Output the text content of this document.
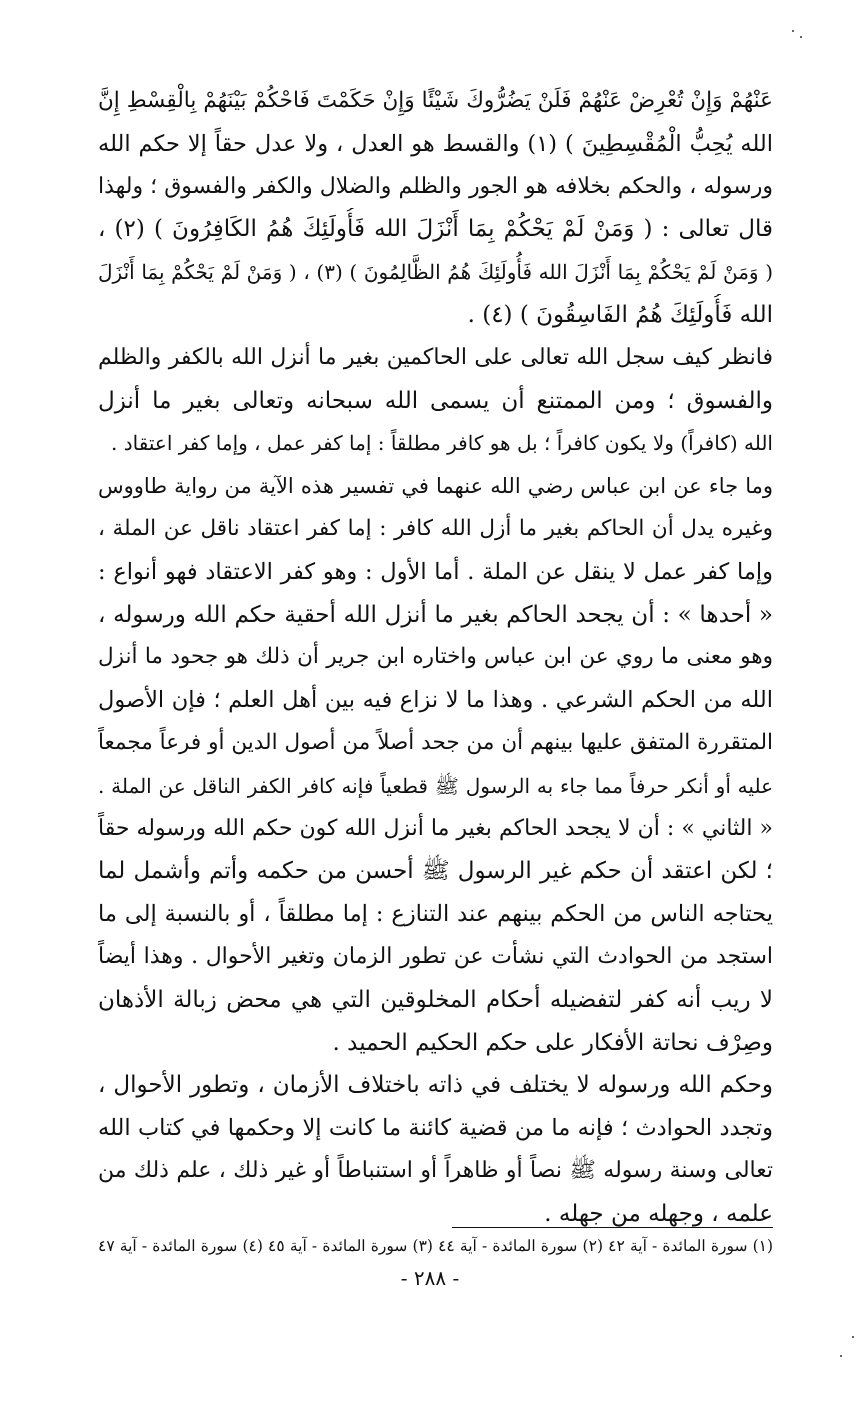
عَنْهُمْ وَإِنْ تُعْرِضْ عَنْهُمْ فَلَنْ يَضُرُّوكَ شَيْئًا وَإِنْ حَكَمْتَ فَاحْكُمْ بَيْنَهُمْ بِالْقِسْطِ إِنَّ
الله يُحِبُّ الْمُقْسِطِينَ ) (١) والقسط هو العدل ، ولا عدل حقاً إلا حكم الله
ورسوله ، والحكم بخلافه هو الجور والظلم والضلال والكفر والفسوق ؛ ولهذا
قال تعالى : ( وَمَنْ لَمْ يَحْكُمْ بِمَا أَنْزَلَ الله فَأُولَئِكَ هُمُ الكَافِرُونَ ) (٢) ،
( وَمَنْ لَمْ يَحْكُمْ بِمَا أَنْزَلَ الله فَأُولَئِكَ هُمُ الظَّالِمُونَ ) (٣) ، ( وَمَنْ لَمْ يَحْكُمْ بِمَا أَنْزَلَ
الله فَأُولَئِكَ هُمُ الفَاسِقُونَ ) (٤) .
فانظر كيف سجل الله تعالى على الحاكمين بغير ما أنزل الله بالكفر والظلم
والفسوق ؛ ومن الممتنع أن يسمى الله سبحانه وتعالى بغير ما أنزل
الله (كافراً) ولا يكون كافراً ؛ بل هو كافر مطلقاً : إما كفر عمل ، وإما كفر اعتقاد .
وما جاء عن ابن عباس رضي الله عنهما في تفسير هذه الآية من رواية طاووس
وغيره يدل أن الحاكم بغير ما أزل الله كافر : إما كفر اعتقاد ناقل عن الملة ،
وإما كفر عمل لا ينقل عن الملة . أما الأول : وهو كفر الاعتقاد فهو أنواع :
« أحدها » : أن يجحد الحاكم بغير ما أنزل الله أحقية حكم الله ورسوله ،
وهو معنى ما روي عن ابن عباس واختاره ابن جرير أن ذلك هو جحود ما أنزل
الله من الحكم الشرعي . وهذا ما لا نزاع فيه بين أهل العلم ؛ فإن الأصول
المتقررة المتفق عليها بينهم أن من جحد أصلاً من أصول الدين أو فرعاً مجمعاً
عليه أو أنكر حرفاً مما جاء به الرسول ﷺ قطعياً فإنه كافر الكفر الناقل عن الملة .
« الثاني » : أن لا يجحد الحاكم بغير ما أنزل الله كون حكم الله ورسوله حقاً
؛ لكن اعتقد أن حكم غير الرسول ﷺ أحسن من حكمه وأتم وأشمل لما
يحتاجه الناس من الحكم بينهم عند التنازع : إما مطلقاً ، أو بالنسبة إلى ما
استجد من الحوادث التي نشأت عن تطور الزمان وتغير الأحوال . وهذا أيضاً
لا ريب أنه كفر لتفضيله أحكام المخلوقين التي هي محض زبالة الأذهان
وصِرْف نحاتة الأفكار على حكم الحكيم الحميد .
وحكم الله ورسوله لا يختلف في ذاته باختلاف الأزمان ، وتطور الأحوال ،
وتجدد الحوادث ؛ فإنه ما من قضية كائنة ما كانت إلا وحكمها في كتاب الله
تعالى وسنة رسوله ﷺ نصاً أو ظاهراً أو استنباطاً أو غير ذلك ، علم ذلك من
علمه ، وجهله من جهله .
(١) سورة المائدة - آية ٤٢ (٢) سورة المائدة - آية ٤٤ (٣) سورة المائدة - آية ٤٥ (٤) سورة المائدة - آية ٤٧
- ٢٨٨ -
